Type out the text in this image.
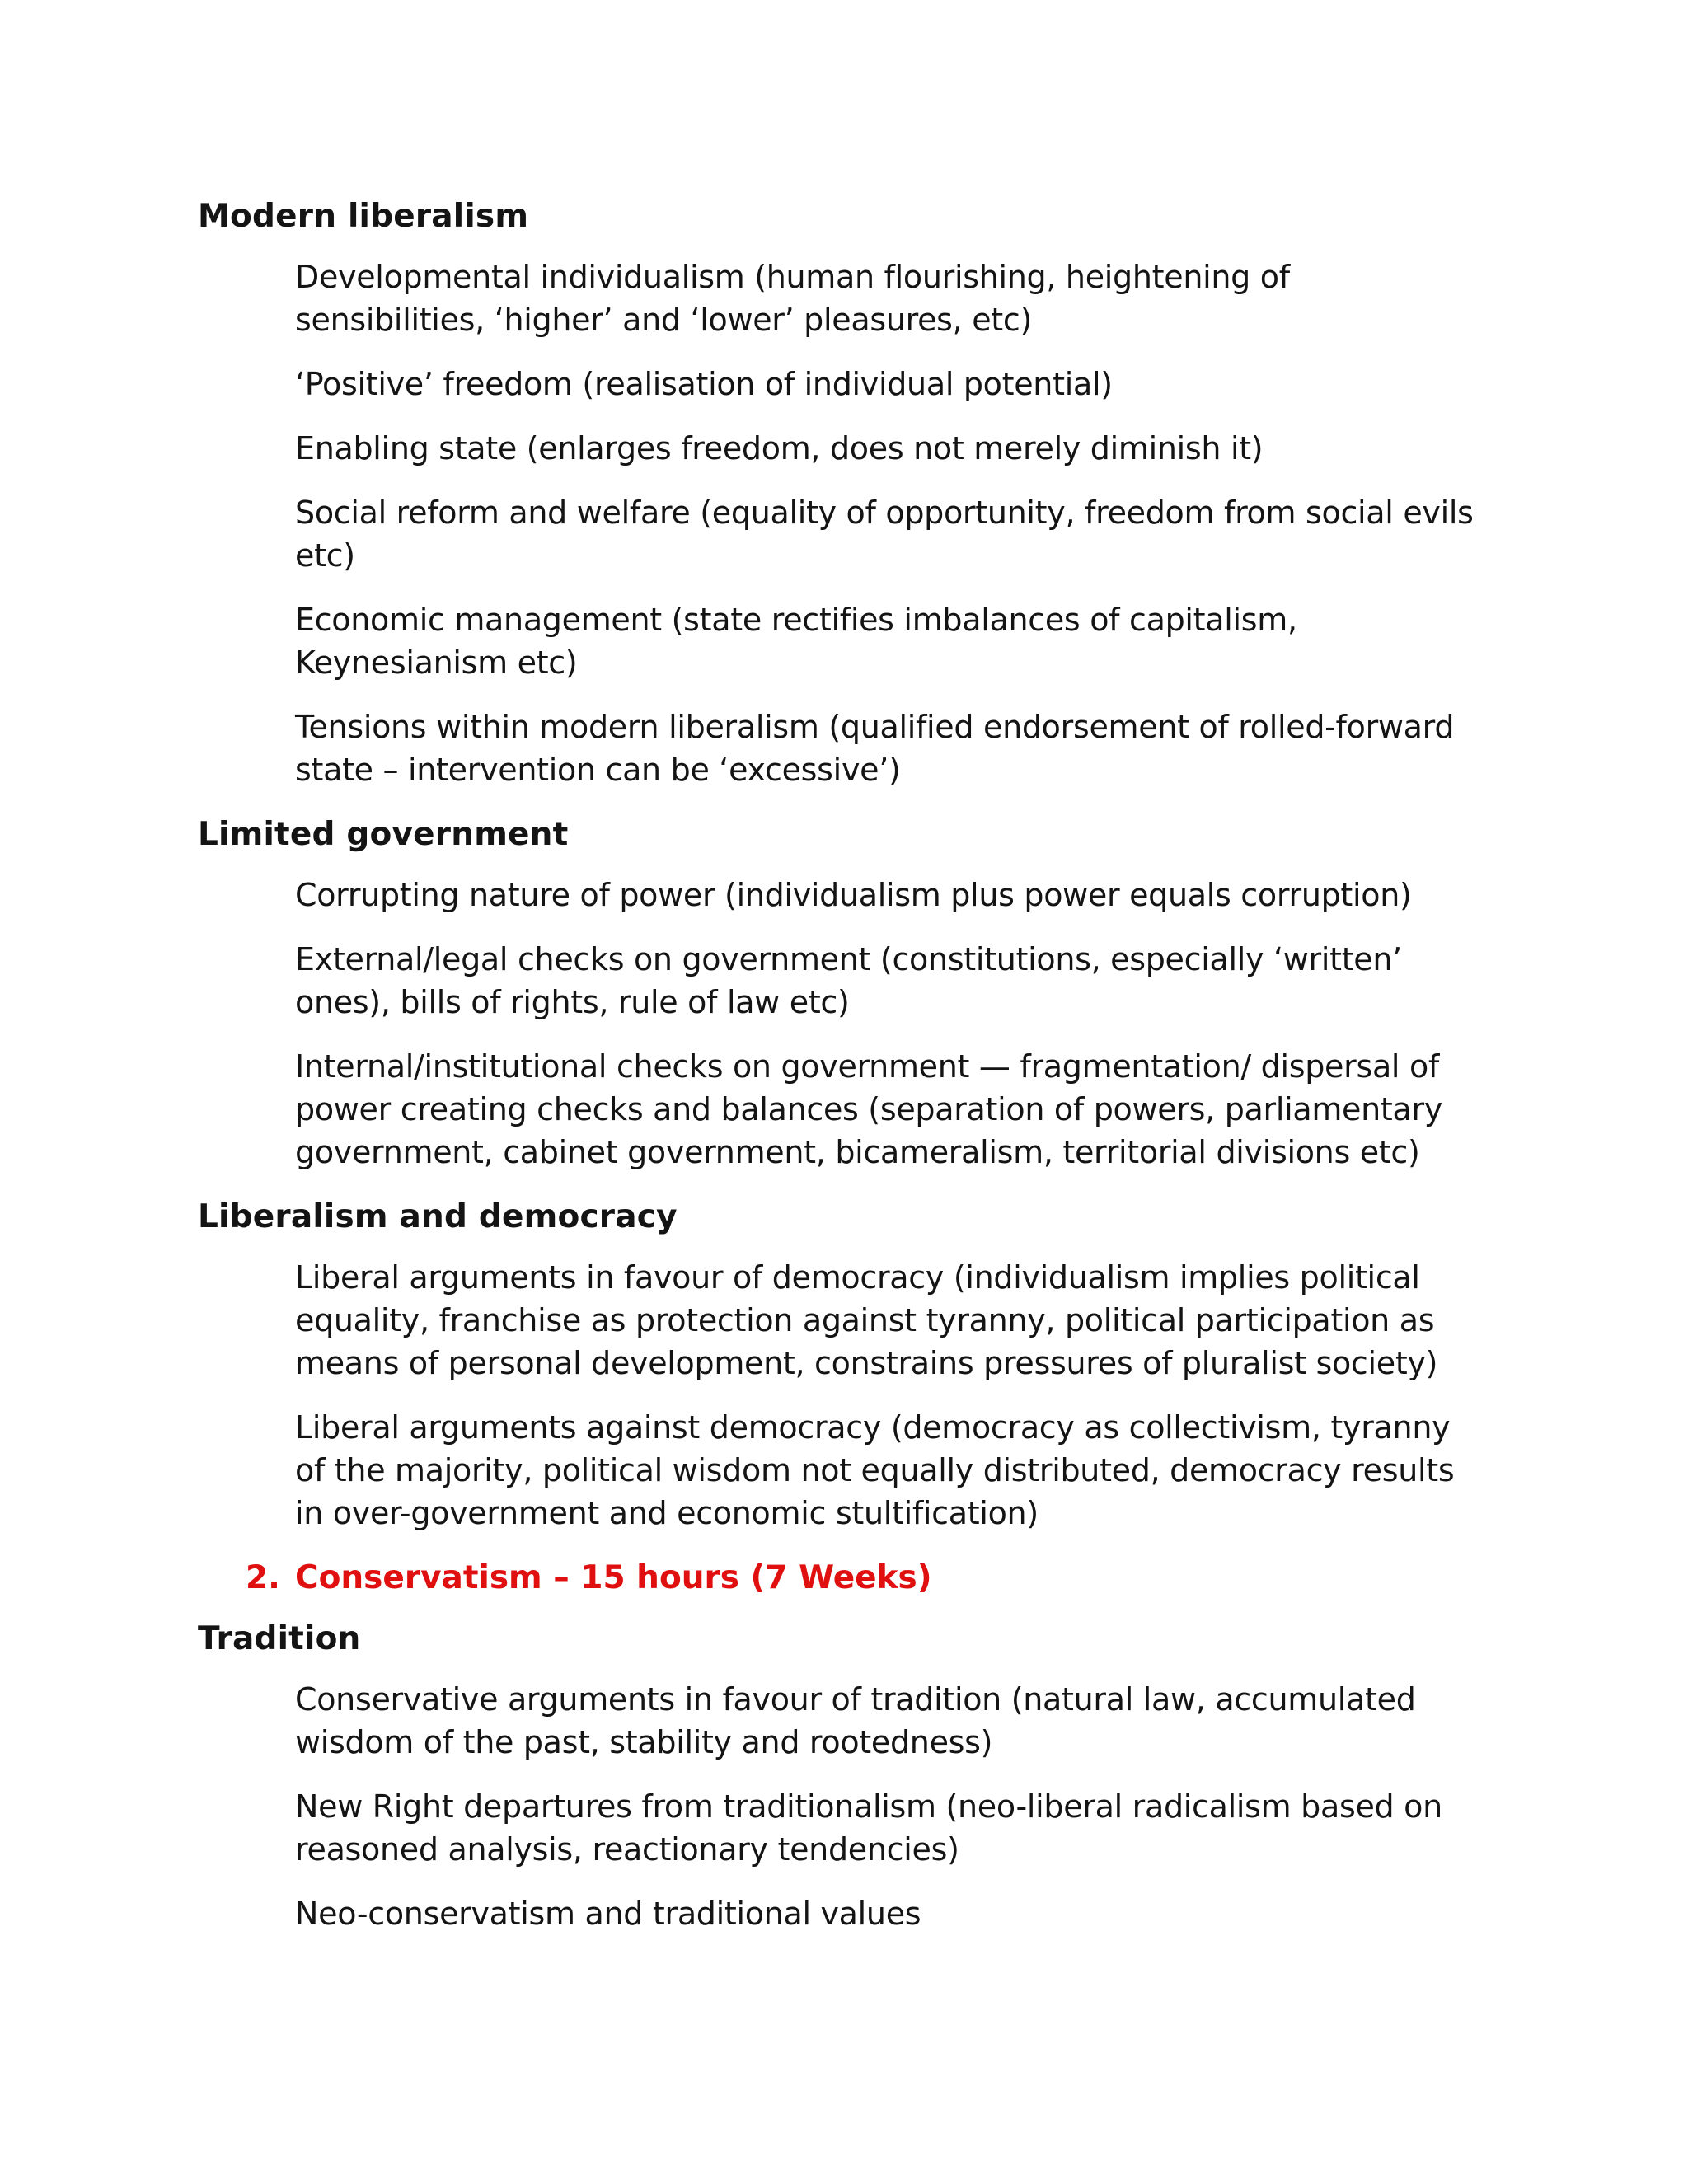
Modern liberalism
Developmental individualism (human flourishing, heightening of sensibilities, ‘higher’ and ‘lower’ pleasures, etc)
‘Positive’ freedom (realisation of individual potential)
Enabling state (enlarges freedom, does not merely diminish it)
Social reform and welfare (equality of opportunity, freedom from social evils etc)
Economic management (state rectifies imbalances of capitalism, Keynesianism etc)
Tensions within modern liberalism (qualified endorsement of rolled-forward state – intervention can be ‘excessive’)
Limited government
Corrupting nature of power (individualism plus power equals corruption)
External/legal checks on government (constitutions, especially ‘written’ ones), bills of rights, rule of law etc)
Internal/institutional checks on government — fragmentation/ dispersal of power creating checks and balances (separation of powers, parliamentary government, cabinet government, bicameralism, territorial divisions etc)
Liberalism and democracy
Liberal arguments in favour of democracy (individualism implies political equality, franchise as protection against tyranny, political participation as means of personal development, constrains pressures of pluralist society)
Liberal arguments against democracy (democracy as collectivism, tyranny of the majority, political wisdom not equally distributed, democracy results in over-government and economic stultification)
2. Conservatism – 15 hours (7 Weeks)
Tradition
Conservative arguments in favour of tradition (natural law, accumulated wisdom of the past, stability and rootedness)
New Right departures from traditionalism (neo-liberal radicalism based on reasoned analysis, reactionary tendencies)
Neo-conservatism and traditional values
